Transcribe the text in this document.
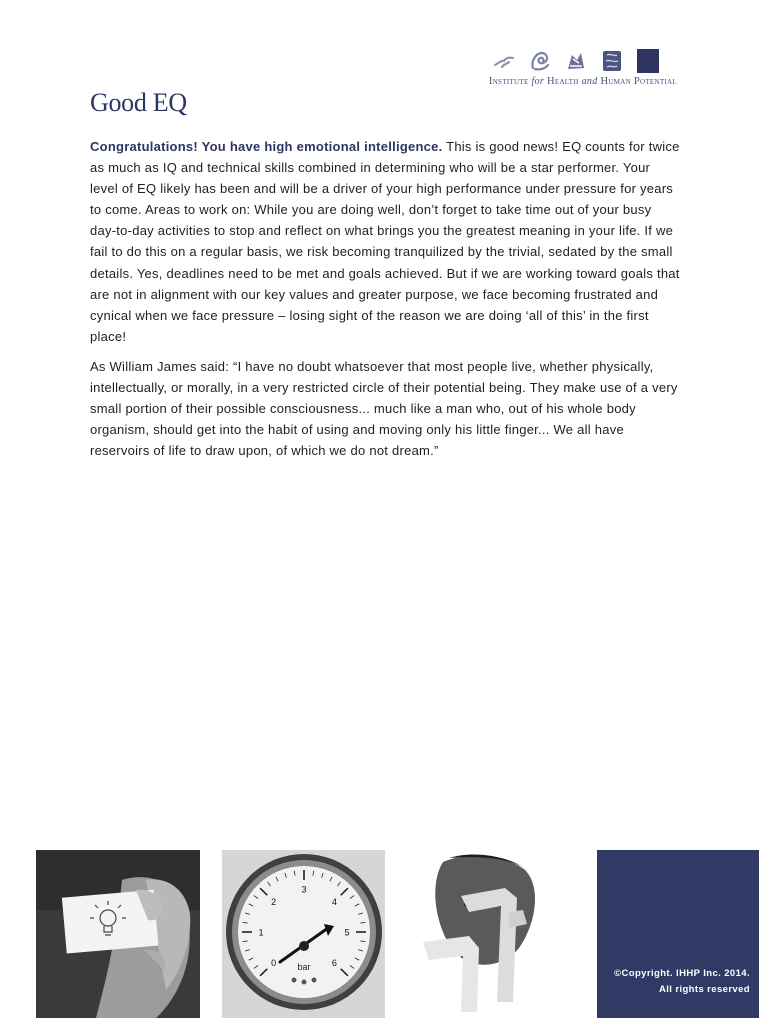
Institute for Health and Human Potential
Good EQ

Congratulations! You have high emotional intelligence. This is good news! EQ counts for twice as much as IQ and technical skills combined in determining who will be a star performer. Your level of EQ likely has been and will be a driver of your high performance under pressure for years to come. Areas to work on: While you are doing well, don’t forget to take time out of your busy day-to-day activities to stop and reflect on what brings you the greatest meaning in your life. If we fail to do this on a regular basis, we risk becoming tranquilized by the trivial, sedated by the small details. Yes, deadlines need to be met and goals achieved. But if we are working toward goals that are not in alignment with our key values and greater purpose, we face becoming frustrated and cynical when we face pressure – losing sight of the reason we are doing ‘all of this’ in the first place!

As William James said: “I have no doubt whatsoever that most people live, whether physically, intellectually, or morally, in a very restricted circle of their potential being. They make use of a very small portion of their possible consciousness... much like a man who, out of his whole body organism, should get into the habit of using and moving only his little finger... We all have reservoirs of life to draw upon, of which we do not dream.”

0
1
2
3
4
5
6
bar
©Copyright. IHHP Inc. 2014.
All rights reserved
